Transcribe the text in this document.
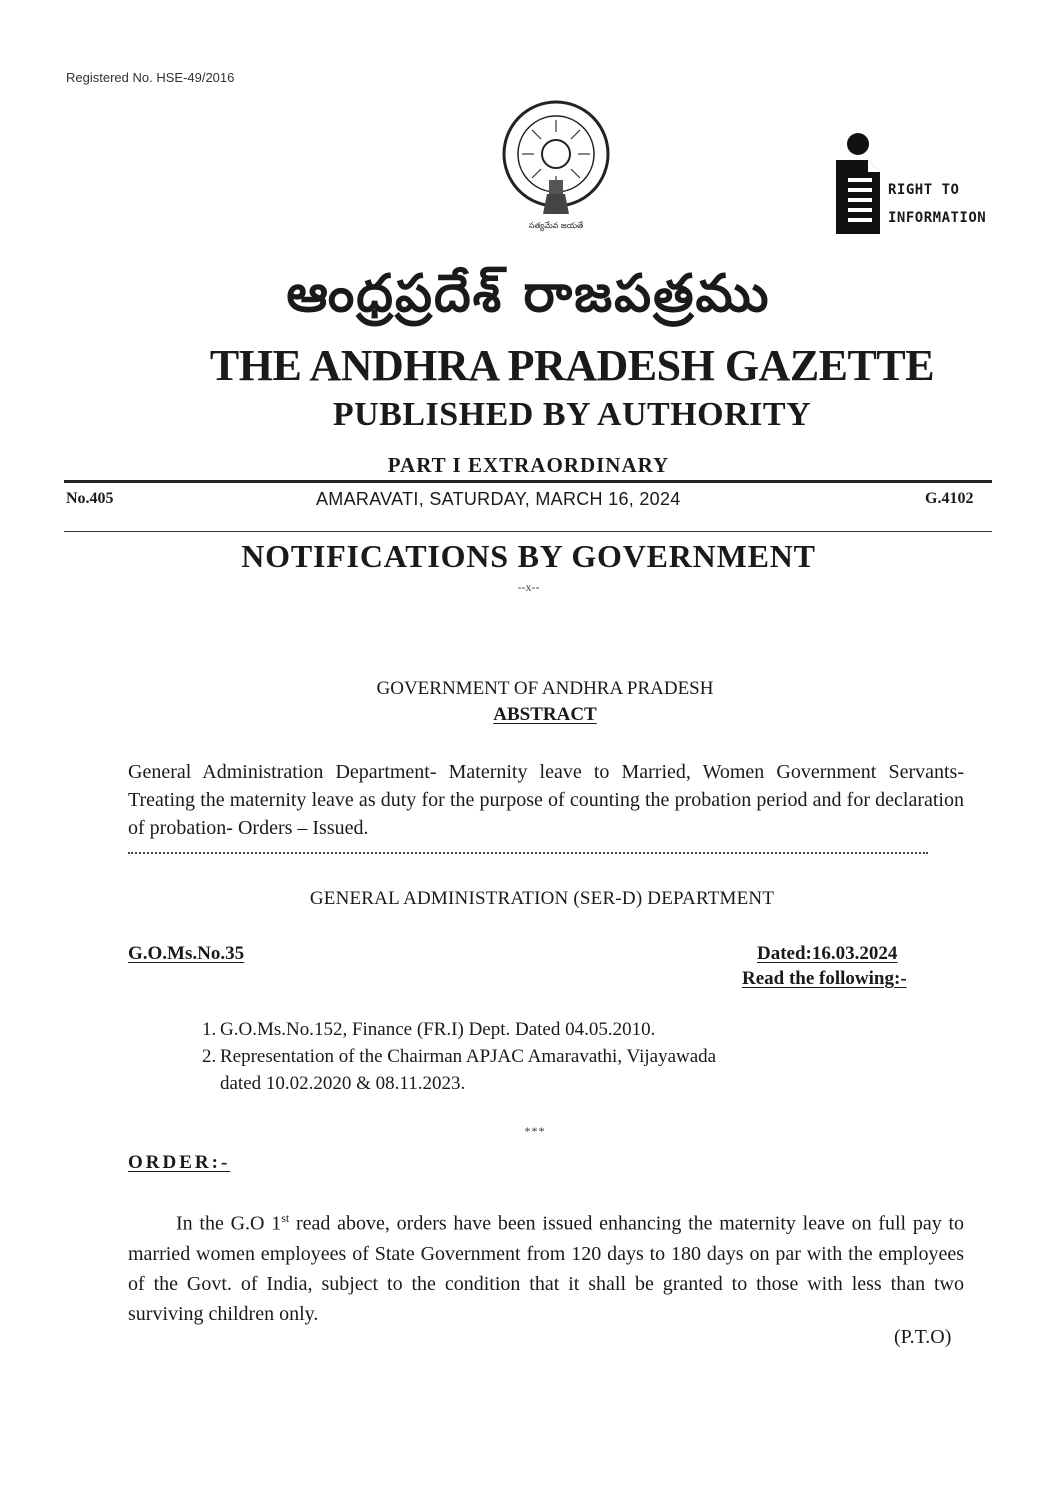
Registered No. HSE-49/2016
సత్యమేవ జయతే
RIGHT TO
INFORMATION
ఆంధ్రప్రదేశ్ రాజపత్రము
THE ANDHRA PRADESH GAZETTE
PUBLISHED BY AUTHORITY
PART I EXTRAORDINARY
No.405	AMARAVATI, SATURDAY, MARCH 16, 2024	G.4102
NOTIFICATIONS BY GOVERNMENT
--x--
GOVERNMENT OF ANDHRA PRADESH
ABSTRACT
General Administration Department- Maternity leave to Married, Women Government Servants- Treating the maternity leave as duty for the purpose of counting the probation period and for declaration of probation- Orders – Issued.
GENERAL ADMINISTRATION (SER-D) DEPARTMENT
G.O.Ms.No.35	Dated:16.03.2024
Read the following:-
1. G.O.Ms.No.152, Finance (FR.I) Dept. Dated 04.05.2010.
2. Representation of the Chairman APJAC Amaravathi, Vijayawada
dated 10.02.2020 & 08.11.2023.
***
ORDER:-
In the G.O 1st read above, orders have been issued enhancing the maternity leave on full pay to married women employees of State Government from 120 days to 180 days on par with the employees of the Govt. of India, subject to the condition that it shall be granted to those with less than two surviving children only.
(P.T.O)
